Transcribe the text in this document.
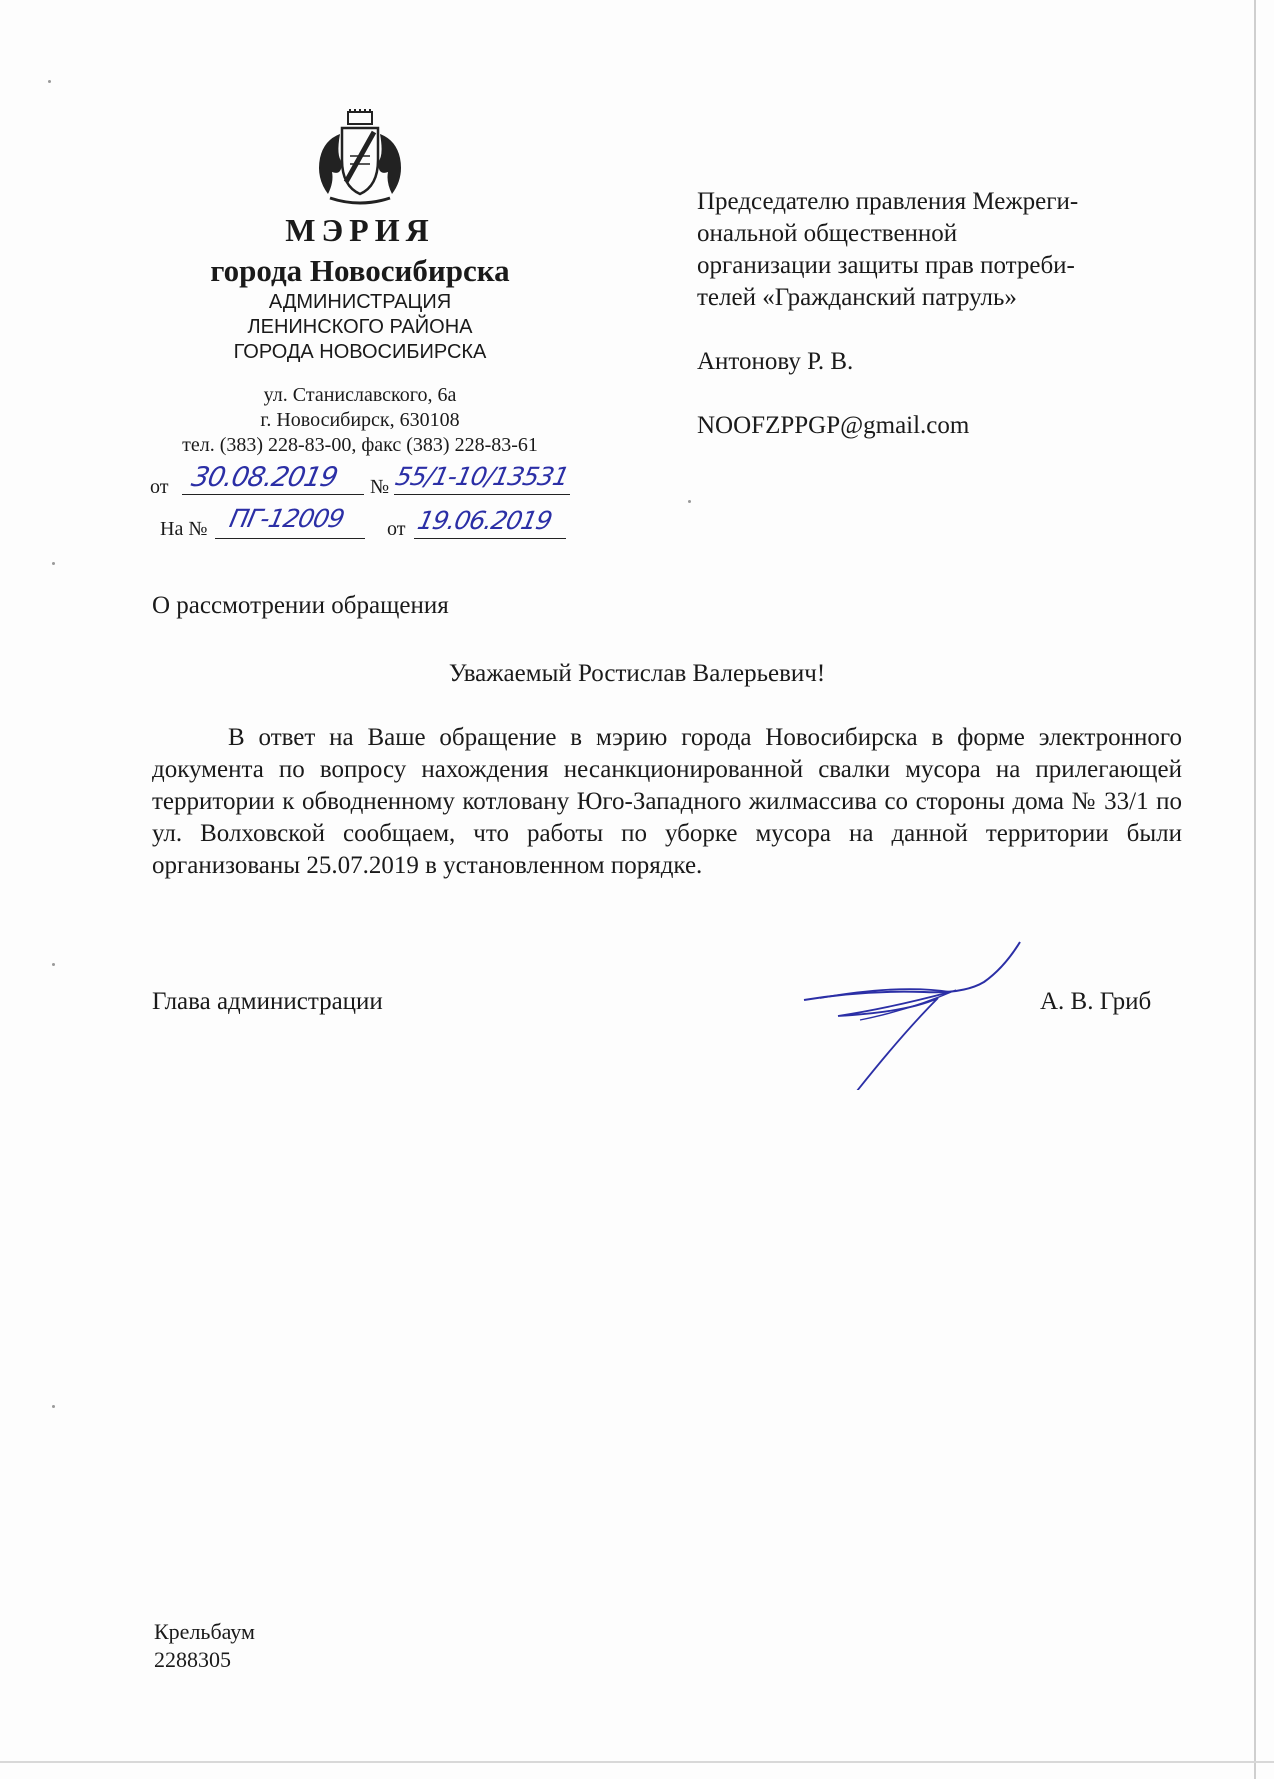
МЭРИЯ
города Новосибирска
АДМИНИСТРАЦИЯ
ЛЕНИНСКОГО РАЙОНА
ГОРОДА НОВОСИБИРСКА
ул. Станиславского, 6а
г. Новосибирск, 630108
тел. (383) 228-83-00, факс (383) 228-83-61
от 30.08.2019 № 55/1-10/13531
На № ПГ-12009 от 19.06.2019
Председателю правления Межреги-
ональной общественной
организации защиты прав потреби-
телей «Гражданский патруль»
Антонову Р. В.
NOOFZPPGP@gmail.com
О рассмотрении обращения
Уважаемый Ростислав Валерьевич!
В ответ на Ваше обращение в мэрию города Новосибирска в форме электронного документа по вопросу нахождения несанкционированной свалки мусора на прилегающей территории к обводненному котловану Юго-Западного жилмассива со стороны дома № 33/1 по ул. Волховской сообщаем, что работы по уборке мусора на данной территории были организованы 25.07.2019 в установленном порядке.
Глава администрации	А. В. Гриб
Крельбаум
2288305
